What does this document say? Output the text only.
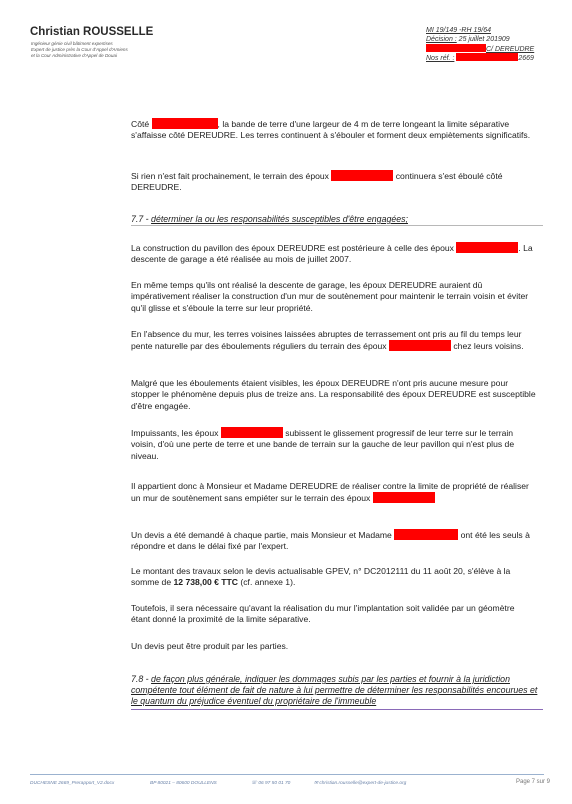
Christian ROUSSELLE
Ingénieur génie civil bâtiment expertises
Expert de justice près la Cour d'Appel d'Amiens
et la Cour Administrative d'Appel de Douai
MI 19/149 -RH 19/64
Décision : 25 juillet 201909
C/ DEREUDRE
Nos réf. :	2669

Côté	, la bande de terre d'une largeur de 4 m de terre longeant la limite séparative s'affaisse côté DEREUDRE. Les terres continuent à s'ébouler et forment deux empiètements significatifs.

Si rien n'est fait prochainement, le terrain des époux	continuera s'est éboulé côté DEREUDRE.

7.7 - déterminer la ou les responsabilités susceptibles d'être engagées;

La construction du pavillon des époux DEREUDRE est postérieure à celle des époux	. La descente de garage a été réalisée au mois de juillet 2007.

En même temps qu'ils ont réalisé la descente de garage, les époux DEREUDRE auraient dû impérativement réaliser la construction d'un mur de soutènement pour maintenir le terrain voisin et éviter qu'il glisse et s'éboule la terre sur leur propriété.

En l'absence du mur, les terres voisines laissées abruptes de terrassement ont pris au fil du temps leur pente naturelle par des éboulements réguliers du terrain des époux	chez leurs voisins.

Malgré que les éboulements étaient visibles, les époux DEREUDRE n'ont pris aucune mesure pour stopper le phénomène depuis plus de treize ans. La responsabilité des époux DEREUDRE est susceptible d'être engagée.

Impuissants, les époux	subissent le glissement progressif de leur terre sur le terrain voisin, d'où une perte de terre et une bande de terrain sur la gauche de leur pavillon qui n'est plus de niveau.

Il appartient donc à Monsieur et Madame DEREUDRE de réaliser contre la limite de propriété de réaliser un mur de soutènement sans empiéter sur le terrain des époux

Un devis a été demandé à chaque partie, mais Monsieur et Madame	ont été les seuls à répondre et dans le délai fixé par l'expert.

Le montant des travaux selon le devis actualisable GPEV, n° DC2012111 du 11 août 20, s'élève à la somme de 12 738,00 € TTC (cf. annexe 1).

Toutefois, il sera nécessaire qu'avant la réalisation du mur l'implantation soit validée par un géomètre étant donné la proximité de la limite séparative.

Un devis peut être produit par les parties.

7.8 - de façon plus générale, indiquer les dommages subis par les parties et fournir à la juridiction compétente tout élément de fait de nature à lui permettre de déterminer les responsabilités encourues et le quantum du préjudice éventuel du propriétaire de l'immeuble
DUCHESNE 2669_Prerapport_V2.docx	BP 80021 – 80600 DOULLENS	☏ 06 97 50 01 70	✉ christian.rousselle@expert-de-justice.org	Page 7 sur 9
